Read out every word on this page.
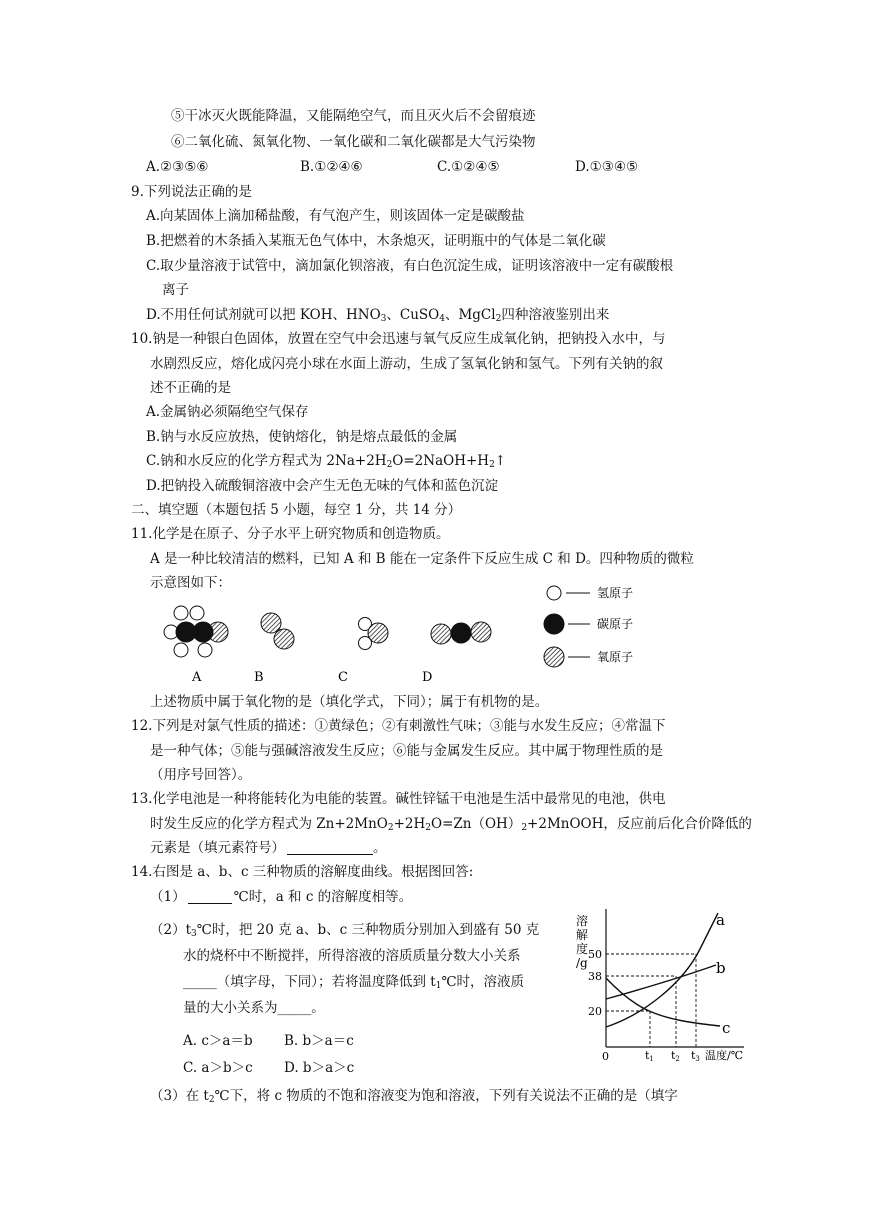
⑤干冰灭火既能降温，又能隔绝空气，而且灭火后不会留痕迹
⑥二氧化硫、氮氧化物、一氧化碳和二氧化碳都是大气污染物
A.②③⑤⑥	B.①②④⑥	C.①②④⑤	D.①③④⑤
9.下列说法正确的是
A.向某固体上滴加稀盐酸，有气泡产生，则该固体一定是碳酸盐
B.把燃着的木条插入某瓶无色气体中，木条熄灭，证明瓶中的气体是二氧化碳
C.取少量溶液于试管中，滴加氯化钡溶液，有白色沉淀生成，证明该溶液中一定有碳酸根
离子
D.不用任何试剂就可以把 KOH、$HNO_3$、CuSO$_4$、MgCl$_2$四种溶液鉴别出来
10.钠是一种银白色固体，放置在空气中会迅速与氧气反应生成氧化钠，把钠投入水中，与
水剧烈反应，熔化成闪亮小球在水面上游动，生成了氢氧化钠和氢气。下列有关钠的叙
述不正确的是
A.金属钠必须隔绝空气保存
B.钠与水反应放热，使钠熔化，钠是熔点最低的金属
C.钠和水反应的化学方程式为 $2Na+2H_2O=2NaOH+H_2↑$
D.把钠投入硫酸铜溶液中会产生无色无味的气体和蓝色沉淀
二、填空题（本题包括 5 小题，每空 1 分，共 14 分）
11.化学是在原子、分子水平上研究物质和创造物质。
A 是一种比较清洁的燃料，已知 A 和 B 能在一定条件下反应生成 C 和 D。四种物质的微粒
示意图如下：
A	B	C	D
氢原子
碳原子
氧原子
上述物质中属于氧化物的是（填化学式，下同）；属于有机物的是。
12.下列是对氯气性质的描述：①黄绿色；②有刺激性气味；③能与水发生反应；④常温下
是一种气体；⑤能与强碱溶液发生反应；⑥能与金属发生反应。其中属于物理性质的是
（用序号回答）。
13.化学电池是一种将能转化为电能的装置。碱性锌锰干电池是生活中最常见的电池，供电
时发生反应的化学方程式为 $Zn+2MnO_2+2H_2O=Zn(OH)_2+2MnOOH$，反应前后化合价降低的
元素是（填元素符号）	。
14.右图是 a、b、c 三种物质的溶解度曲线。根据图回答:
（1）	℃时，a 和 c 的溶解度相等。
$(2)t_3℃$时，把 20 克 a、b、c 三种物质分别加入到盛有 50 克
水的烧杯中不断搅拌，所得溶液的溶质质量分数大小关系
_____（填字母，下同）；若将温度降低到 $t_1℃$时，溶液质
量的大小关系为_____。
A. c＞a＝b B. b＞a＝c
C. a＞b＞c D. b＞a＞c
（3）在 $t_2℃$下，将 c 物质的不饱和溶液变为饱和溶液，下列有关说法不正确的是（填字
溶解度/g
50
38
20
0
a
b
c
t1 t2 t3 温度/℃
